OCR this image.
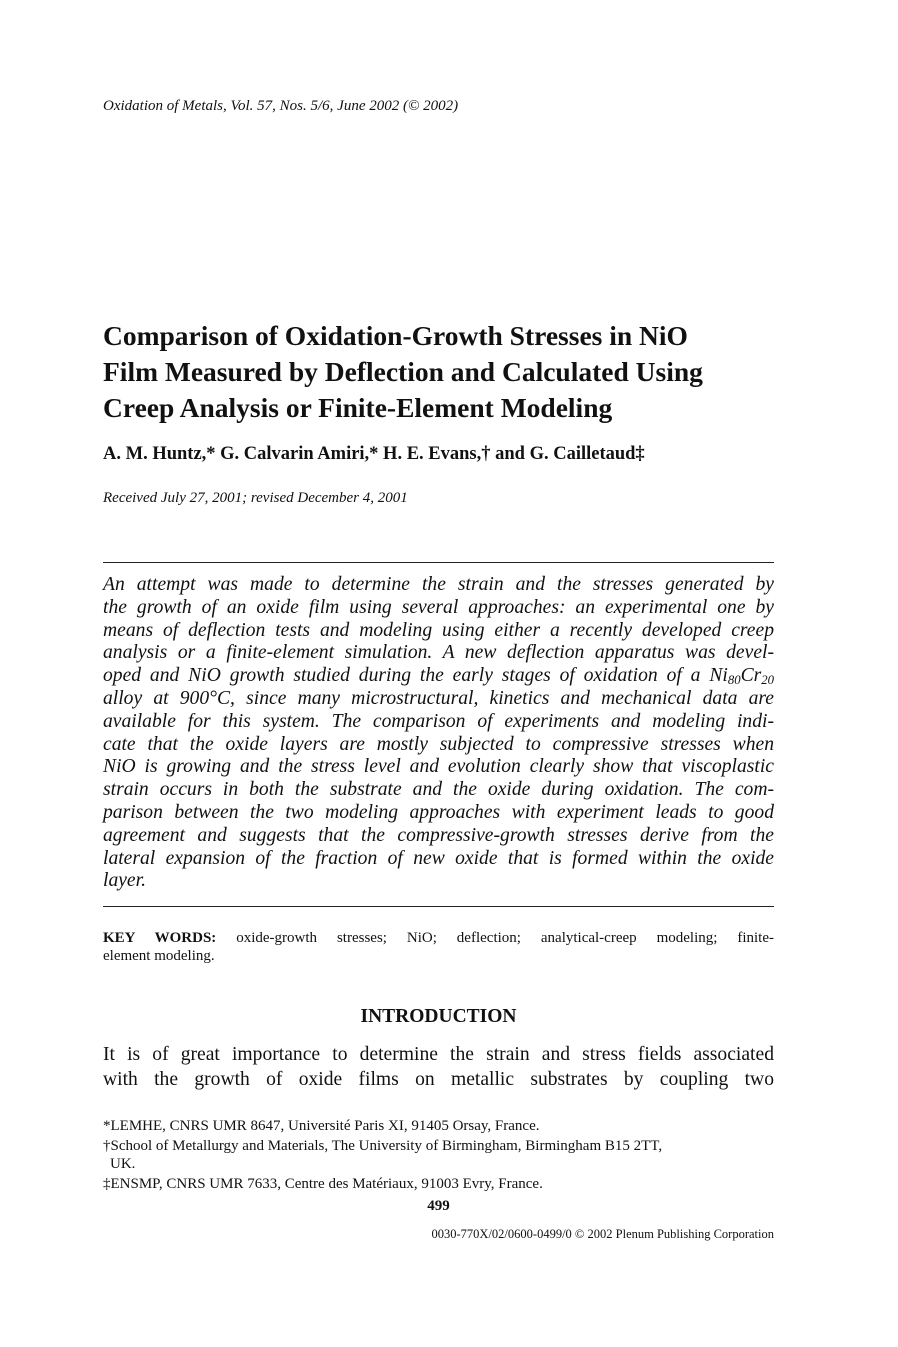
Oxidation of Metals, Vol. 57, Nos. 5/6, June 2002 (© 2002)
Comparison of Oxidation-Growth Stresses in NiO
Film Measured by Deflection and Calculated Using
Creep Analysis or Finite-Element Modeling
A. M. Huntz,* G. Calvarin Amiri,* H. E. Evans,† and G. Cailletaud‡
Received July 27, 2001; revised December 4, 2001
An attempt was made to determine the strain and the stresses generated by
the growth of an oxide film using several approaches: an experimental one by
means of deflection tests and modeling using either a recently developed creep
analysis or a finite-element simulation. A new deflection apparatus was devel-
oped and NiO growth studied during the early stages of oxidation of a $Ni_{80}Cr_{20}$
alloy at 900°C, since many microstructural, kinetics and mechanical data are
available for this system. The comparison of experiments and modeling indi-
cate that the oxide layers are mostly subjected to compressive stresses when
NiO is growing and the stress level and evolution clearly show that viscoplastic
strain occurs in both the substrate and the oxide during oxidation. The com-
parison between the two modeling approaches with experiment leads to good
agreement and suggests that the compressive-growth stresses derive from the
lateral expansion of the fraction of new oxide that is formed within the oxide
layer.
KEY WORDS: oxide-growth stresses; NiO; deflection; analytical-creep modeling; finite-
element modeling.
INTRODUCTION
It is of great importance to determine the strain and stress fields associated
with the growth of oxide films on metallic substrates by coupling two
*LEMHE, CNRS UMR 8647, Université Paris XI, 91405 Orsay, France.
†School of Metallurgy and Materials, The University of Birmingham, Birmingham B15 2TT,
UK.
‡ENSMP, CNRS UMR 7633, Centre des Matériaux, 91003 Evry, France.
499
0030-770X/02/0600-0499/0 © 2002 Plenum Publishing Corporation
